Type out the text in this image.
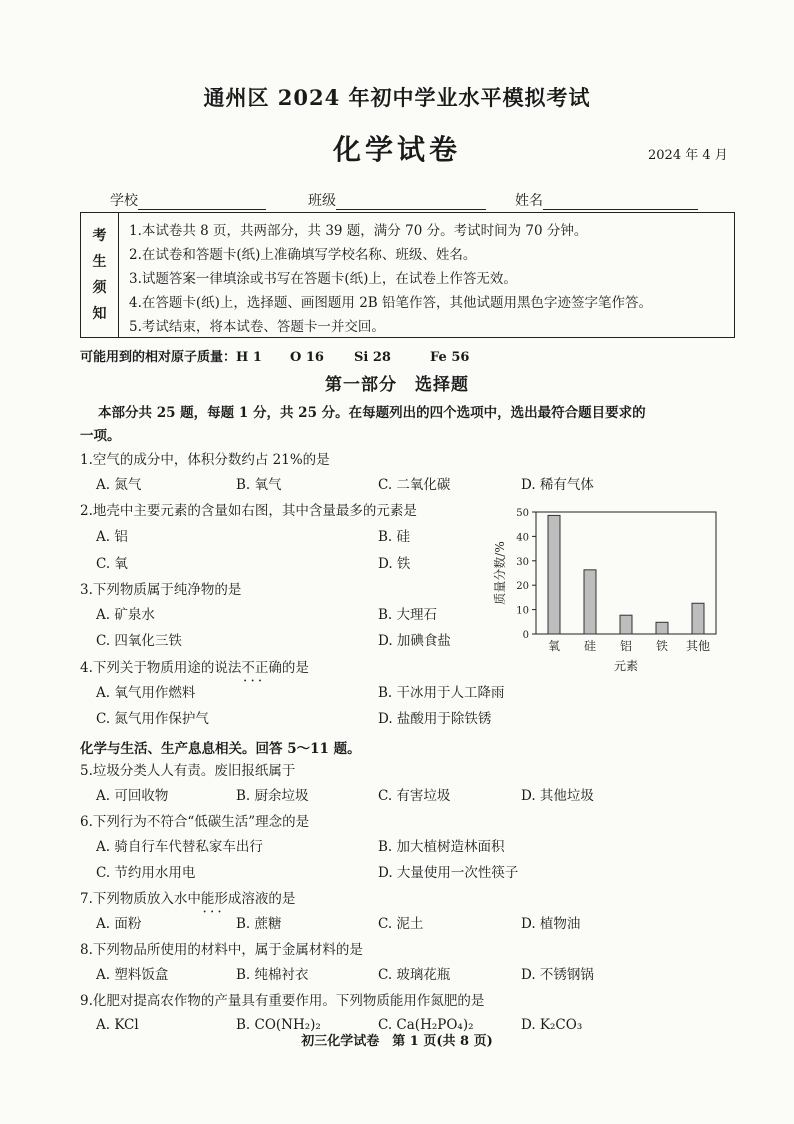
通州区 2024 年初中学业水平模拟考试
化学试卷	2024 年 4 月
学校	班级	姓名
考
生
须
知
1.本试卷共 8 页，共两部分，共 39 题，满分 70 分。考试时间为 70 分钟。
2.在试卷和答题卡(纸)上准确填写学校名称、班级、姓名。
3.试题答案一律填涂或书写在答题卡(纸)上，在试卷上作答无效。
4.在答题卡(纸)上，选择题、画图题用 2B 铅笔作答，其他试题用黑色字迹签字笔作答。
5.考试结束，将本试卷、答题卡一并交回。
可能用到的相对原子质量：H 1 O 16 Si 28	Fe 56
第一部分　选择题
本部分共 25 题，每题 1 分，共 25 分。在每题列出的四个选项中，选出最符合题目要求的
一项。
1.空气的成分中，体积分数约占 21%的是
A. 氮气	B. 氧气	C. 二氧化碳	D. 稀有气体
2.地壳中主要元素的含量如右图，其中含量最多的元素是
A. 铝	B. 硅
C. 氧	D. 铁
3.下列物质属于纯净物的是
A. 矿泉水	B. 大理石
C. 四氧化三铁	D. 加碘食盐
4.下列关于物质用途的说法不正确 • • •的是
A. 氧气用作燃料	B. 干冰用于人工降雨
C. 氮气用作保护气	D. 盐酸用于除铁锈
化学与生活、生产息息相关。回答 5～11 题。
5.垃圾分类人人有责。废旧报纸属于
A. 可回收物	B. 厨余垃圾	C. 有害垃圾	D. 其他垃圾
6.下列行为不符合“低碳生活”理念的是
A. 骑自行车代替私家车出行	B. 加大植树造林面积
C. 节约用水用电	D. 大量使用一次性筷子
7.下列物质放入水中能形 • • •成溶液的是
A. 面粉	B. 蔗糖	C. 泥土	D. 植物油
8.下列物品所使用的材料中，属于金属材料的是
A. 塑料饭盒	B. 纯棉衬衣	C. 玻璃花瓶	D. 不锈钢锅
9.化肥对提高农作物的产量具有重要作用。下列物质能用作氮肥的是
A. KCl	B. CO(NH₂)₂	C. Ca(H₂PO₄)₂	D. K₂CO₃
0
10
20
30
40
50
氧 硅 铝 铁 其他
质量分数/%
元素
初三化学试卷　第 1 页(共 8 页)
